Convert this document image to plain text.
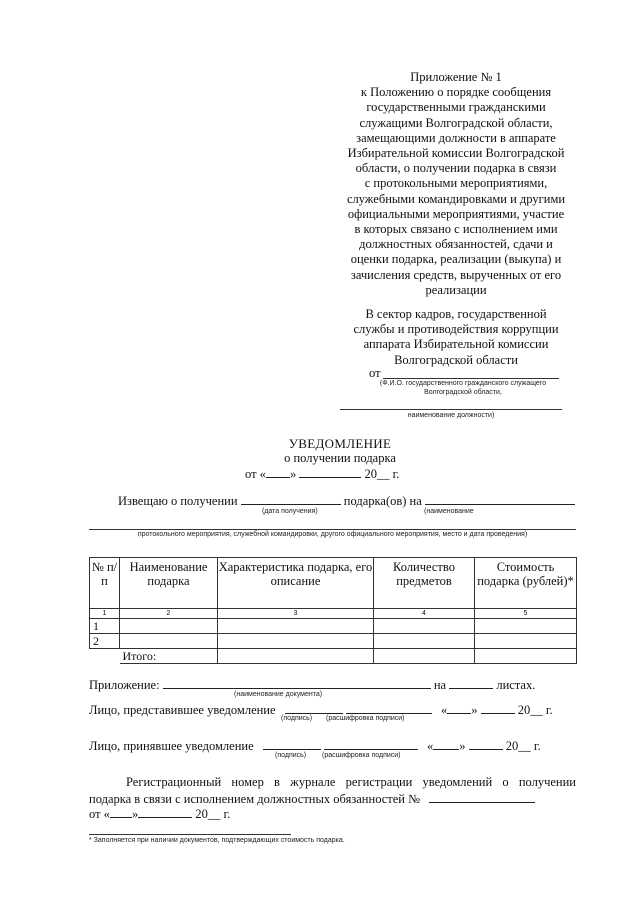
Приложение № 1
к Положению о порядке сообщения
государственными гражданскими
служащими Волгоградской области,
замещающими должности в аппарате
Избирательной комиссии Волгоградской
области, о получении подарка в связи
с протокольными мероприятиями,
служебными командировками и другими
официальными мероприятиями, участие
в которых связано с исполнением ими
должностных обязанностей, сдачи и
оценки подарка, реализации (выкупа) и
зачисления средств, вырученных от его
реализации
В сектор кадров, государственной
службы и противодействия коррупции
аппарата Избирательной комиссии
Волгоградской области
от
(Ф.И.О. государственного гражданского служащего
Волгоградской области,
наименование должности)
УВЕДОМЛЕНИЕ
о получении подарка
от « »	20__ г.
Извещаю о получении	подарка(ов) на
(дата получения)	(наименование
протокольного мероприятия, служебной командировки, другого официального мероприятия, место и дата проведения)
№ п/п	Наименование подарка	Характеристика подарка, его описание	Количество предметов	Стоимость подарка (рублей)*
1	2	3	4	5
1				
2				
	Итого:			
Приложение:	на	листах.
(наименование документа)
Лицо, представившее уведомление	« »	20__ г.
(подпись) (расшифровка подписи)
Лицо, принявшее уведомление	« »	20__ г.
(подпись) (расшифровка подписи)
Регистрационный номер в журнале регистрации уведомлений о получении
подарка в связи с исполнением должностных обязанностей №
от « »	20__ г.
* Заполняется при наличии документов, подтверждающих стоимость подарка.
